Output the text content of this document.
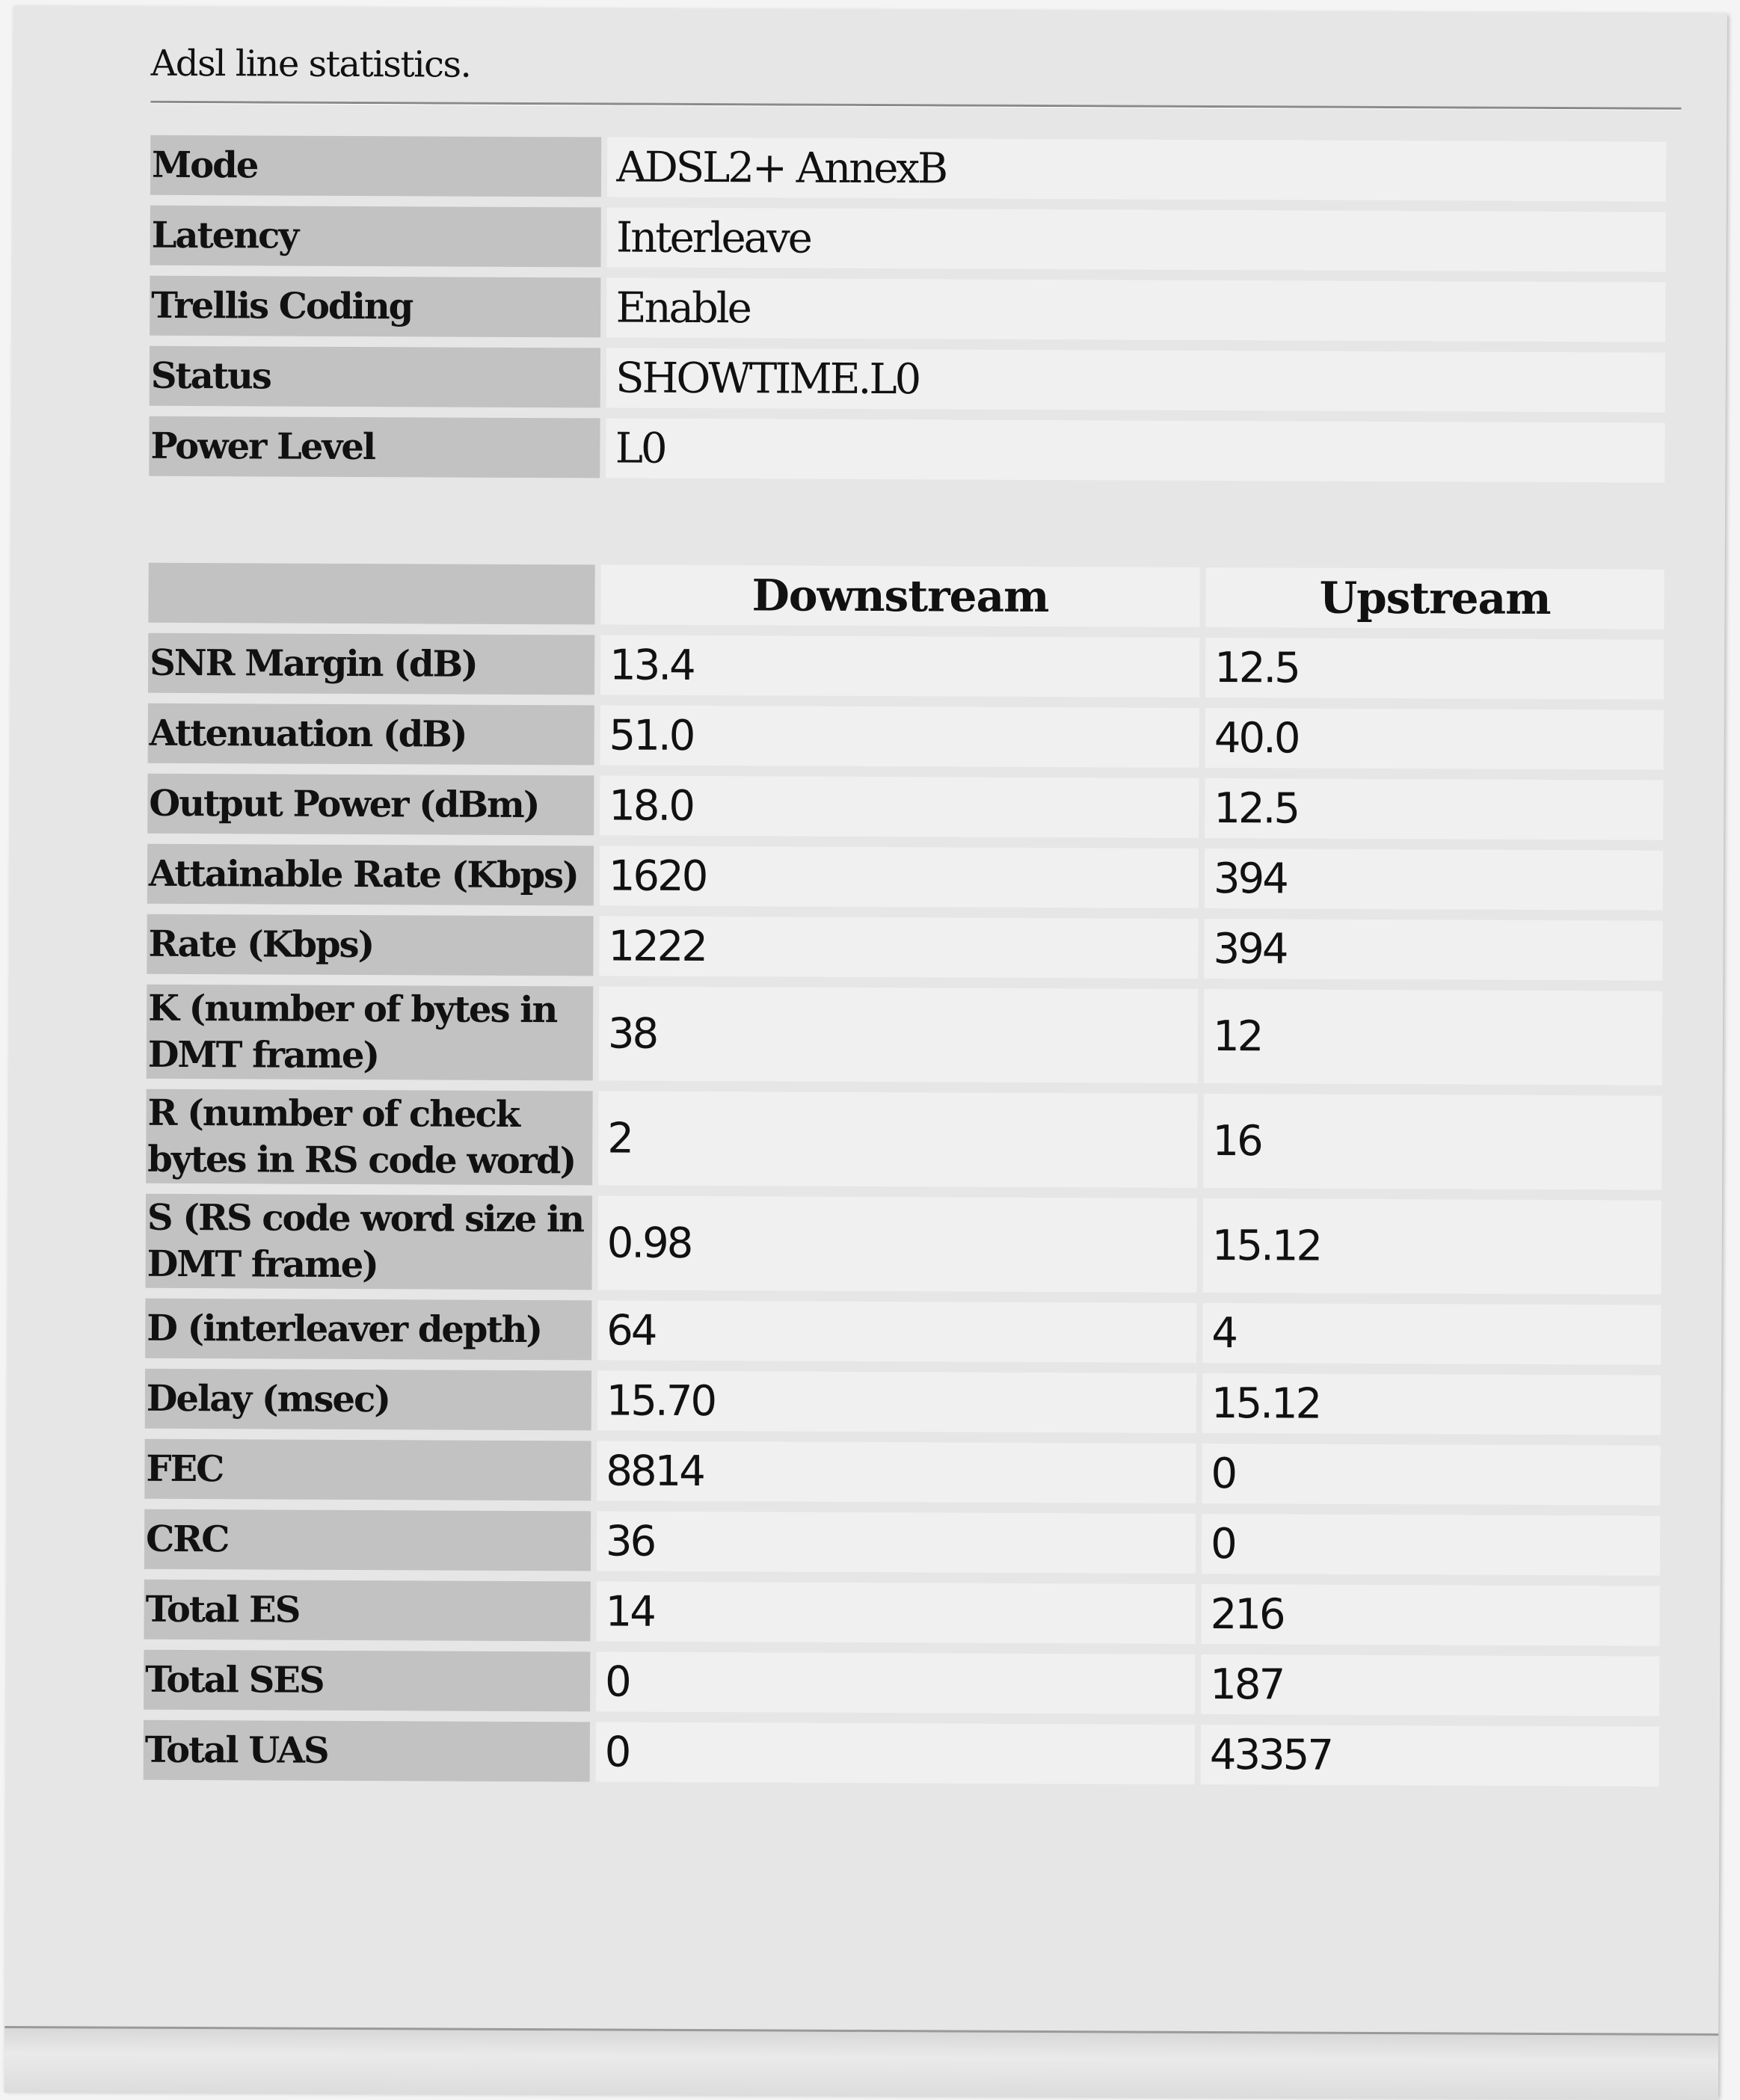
Adsl line statistics.
Mode	ADSL2+ AnnexB
Latency	Interleave
Trellis Coding	Enable
Status	SHOWTIME.L0
Power Level	L0
	Downstream	Upstream
SNR Margin (dB)	13.4	12.5
Attenuation (dB)	51.0	40.0
Output Power (dBm)	18.0	12.5
Attainable Rate (Kbps)	1620	394
Rate (Kbps)	1222	394
K (number of bytes in DMT frame)	38	12
R (number of check bytes in RS code word)	2	16
S (RS code word size in DMT frame)	0.98	15.12
D (interleaver depth)	64	4
Delay (msec)	15.70	15.12
FEC	8814	0
CRC	36	0
Total ES	14	216
Total SES	0	187
Total UAS	0	43357
